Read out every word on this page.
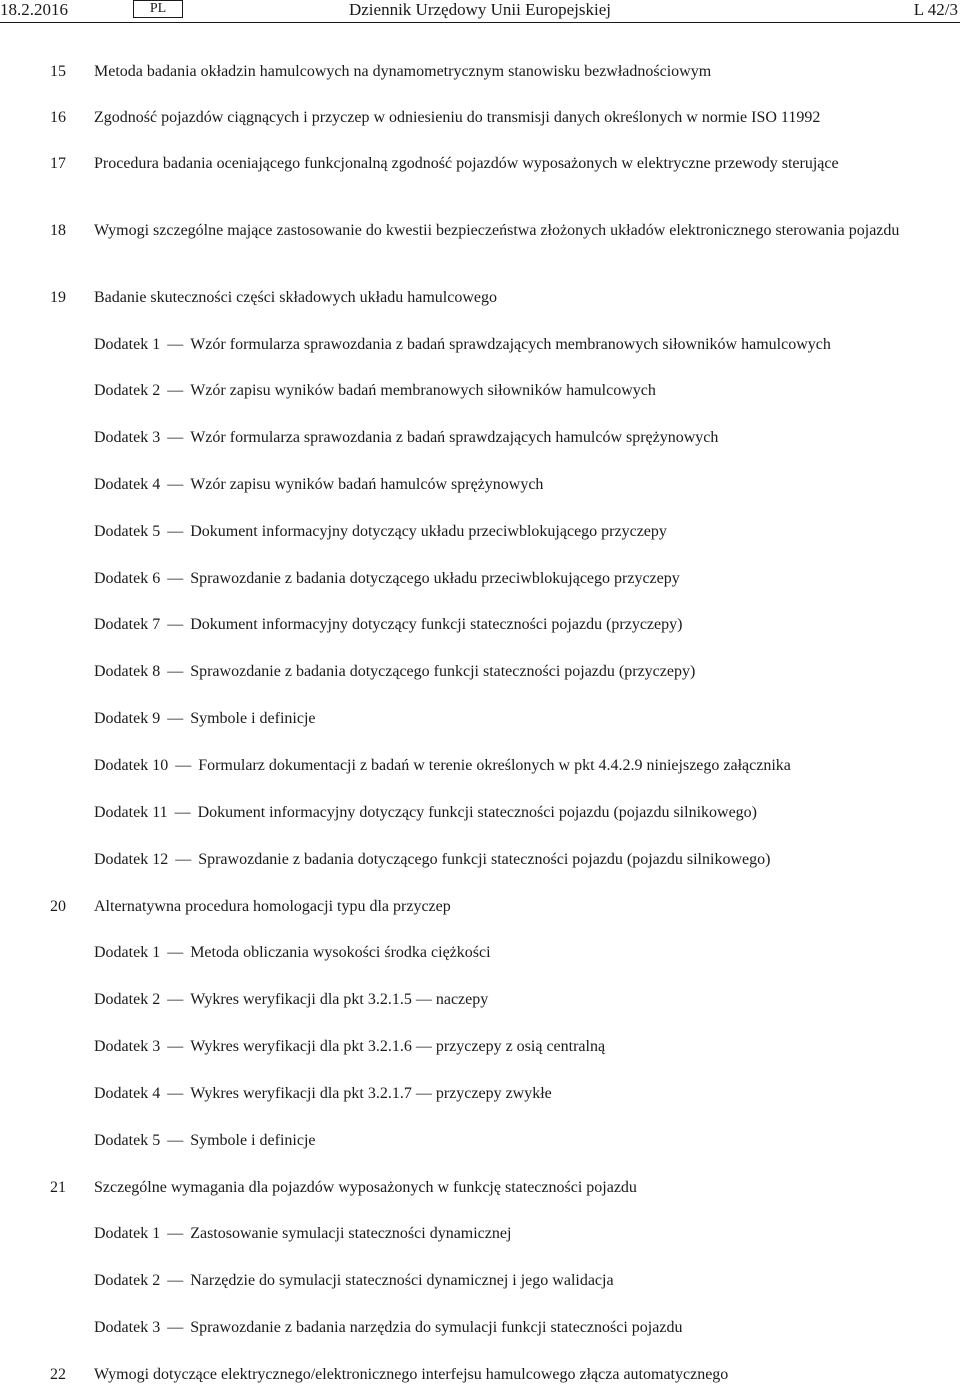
18.2.2016	PL	Dziennik Urzędowy Unii Europejskiej	L 42/3
15	Metoda badania okładzin hamulcowych na dynamometrycznym stanowisku bezwładnościowym
16	Zgodność pojazdów ciągnących i przyczep w odniesieniu do transmisji danych określonych w normie ISO 11992
17	Procedura badania oceniającego funkcjonalną zgodność pojazdów wyposażonych w elektryczne przewody sterujące
18	Wymogi szczególne mające zastosowanie do kwestii bezpieczeństwa złożonych układów elektronicznego sterowania pojazdu
19	Badanie skuteczności części składowych układu hamulcowego
Dodatek 1 — Wzór formularza sprawozdania z badań sprawdzających membranowych siłowników hamulcowych
Dodatek 2 — Wzór zapisu wyników badań membranowych siłowników hamulcowych
Dodatek 3 — Wzór formularza sprawozdania z badań sprawdzających hamulców sprężynowych
Dodatek 4 — Wzór zapisu wyników badań hamulców sprężynowych
Dodatek 5 — Dokument informacyjny dotyczący układu przeciwblokującego przyczepy
Dodatek 6 — Sprawozdanie z badania dotyczącego układu przeciwblokującego przyczepy
Dodatek 7 — Dokument informacyjny dotyczący funkcji stateczności pojazdu (przyczepy)
Dodatek 8 — Sprawozdanie z badania dotyczącego funkcji stateczności pojazdu (przyczepy)
Dodatek 9 — Symbole i definicje
Dodatek 10 — Formularz dokumentacji z badań w terenie określonych w pkt 4.4.2.9 niniejszego załącznika
Dodatek 11 — Dokument informacyjny dotyczący funkcji stateczności pojazdu (pojazdu silnikowego)
Dodatek 12 — Sprawozdanie z badania dotyczącego funkcji stateczności pojazdu (pojazdu silnikowego)
20	Alternatywna procedura homologacji typu dla przyczep
Dodatek 1 — Metoda obliczania wysokości środka ciężkości
Dodatek 2 — Wykres weryfikacji dla pkt 3.2.1.5 — naczepy
Dodatek 3 — Wykres weryfikacji dla pkt 3.2.1.6 — przyczepy z osią centralną
Dodatek 4 — Wykres weryfikacji dla pkt 3.2.1.7 — przyczepy zwykłe
Dodatek 5 — Symbole i definicje
21	Szczególne wymagania dla pojazdów wyposażonych w funkcję stateczności pojazdu
Dodatek 1 — Zastosowanie symulacji stateczności dynamicznej
Dodatek 2 — Narzędzie do symulacji stateczności dynamicznej i jego walidacja
Dodatek 3 — Sprawozdanie z badania narzędzia do symulacji funkcji stateczności pojazdu
22	Wymogi dotyczące elektrycznego/elektronicznego interfejsu hamulcowego złącza automatycznego
